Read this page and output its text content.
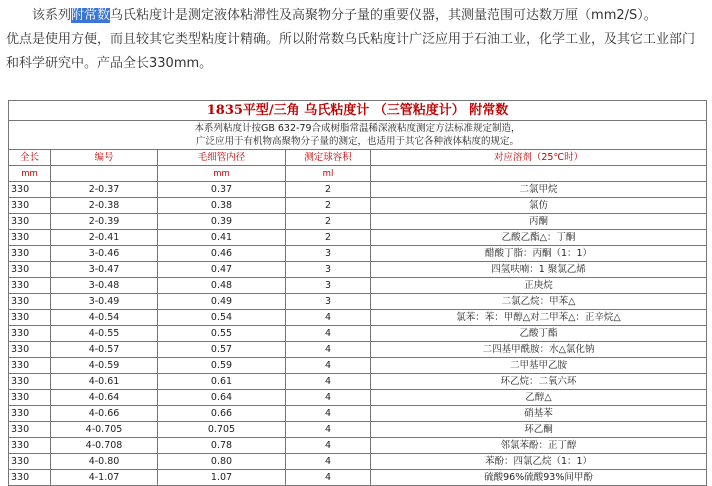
该系列附常数乌氏粘度计是测定液体粘滞性及高聚物分子量的重要仪器，其测量范围可达数万厘（mm2/S）。

优点是使用方便，而且较其它类型粘度计精确。所以附常数乌氏粘度计广泛应用于石油工业，化学工业，及其它工业部门和科学研究中。产品全长330mm。

1835平型/三角 乌氏粘度计 （三管粘度计） 附常数				
本系列粘度计按GB 632-79合成树脂常温稀深液粘度测定方法标准规定制造，
广泛应用于有机物高聚物分子量的测定，也适用于其它各种液体粘度的规定。				
全长	编号	毛细管内径	测定球容积	对应溶剂（25℃时）
mm		mm	ml	
330	2-0.37	0.37	2	二氯甲烷
330	2-0.38	0.38	2	氯仿
330	2-0.39	0.39	2	丙酮
330	2-0.41	0.41	2	乙酸乙酯△：丁酮
330	3-0.46	0.46	3	醋酸丁脂：丙酮（1：1）
330	3-0.47	0.47	3	四氢呋喃：1 聚氯乙烯
330	3-0.48	0.48	3	正庚烷
330	3-0.49	0.49	3	二氯乙烷：甲苯△
330	4-0.54	0.54	4	氯苯：苯：甲醇△对二甲苯△：正辛烷△
330	4-0.55	0.55	4	乙酸丁酯
330	4-0.57	0.57	4	二四基甲酰胺：水△氯化钠
330	4-0.59	0.59	4	二甲基甲乙胺
330	4-0.61	0.61	4	环乙烷：二氧六环
330	4-0.64	0.64	4	乙醇△
330	4-0.66	0.66	4	硝基苯
330	4-0.705	0.705	4	环乙酮
330	4-0.708	0.78	4	邻氯苯酚：正丁醇
330	4-0.80	0.80	4	苯酚：四氯乙烷（1：1）
330	4-1.07	1.07	4	硫酸96%硫酸93%间甲酚
